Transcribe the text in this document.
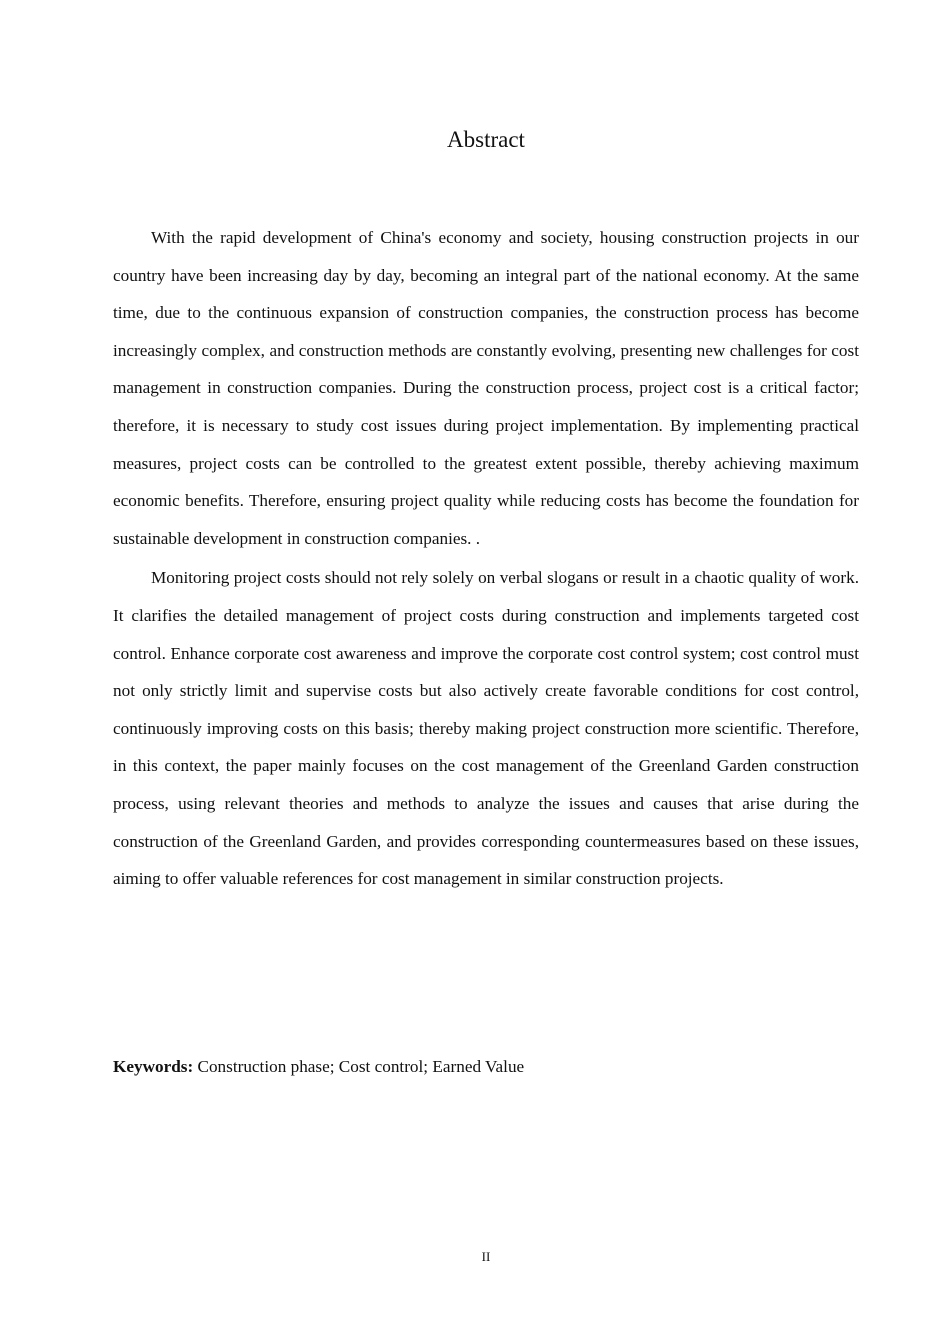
Abstract

With the rapid development of China's economy and society, housing construction projects in our country have been increasing day by day, becoming an integral part of the national economy. At the same time, due to the continuous expansion of construction companies, the construction process has become increasingly complex, and construction methods are constantly evolving, presenting new challenges for cost management in construction companies. During the construction process, project cost is a critical factor; therefore, it is necessary to study cost issues during project implementation. By implementing practical measures, project costs can be controlled to the greatest extent possible, thereby achieving maximum economic benefits. Therefore, ensuring project quality while reducing costs has become the foundation for sustainable development in construction companies. .

Monitoring project costs should not rely solely on verbal slogans or result in a chaotic quality of work. It clarifies the detailed management of project costs during construction and implements targeted cost control. Enhance corporate cost awareness and improve the corporate cost control system; cost control must not only strictly limit and supervise costs but also actively create favorable conditions for cost control, continuously improving costs on this basis; thereby making project construction more scientific. Therefore, in this context, the paper mainly focuses on the cost management of the Greenland Garden construction process, using relevant theories and methods to analyze the issues and causes that arise during the construction of the Greenland Garden, and provides corresponding countermeasures based on these issues, aiming to offer valuable references for cost management in similar construction projects.

Keywords: Construction phase; Cost control; Earned Value

II
